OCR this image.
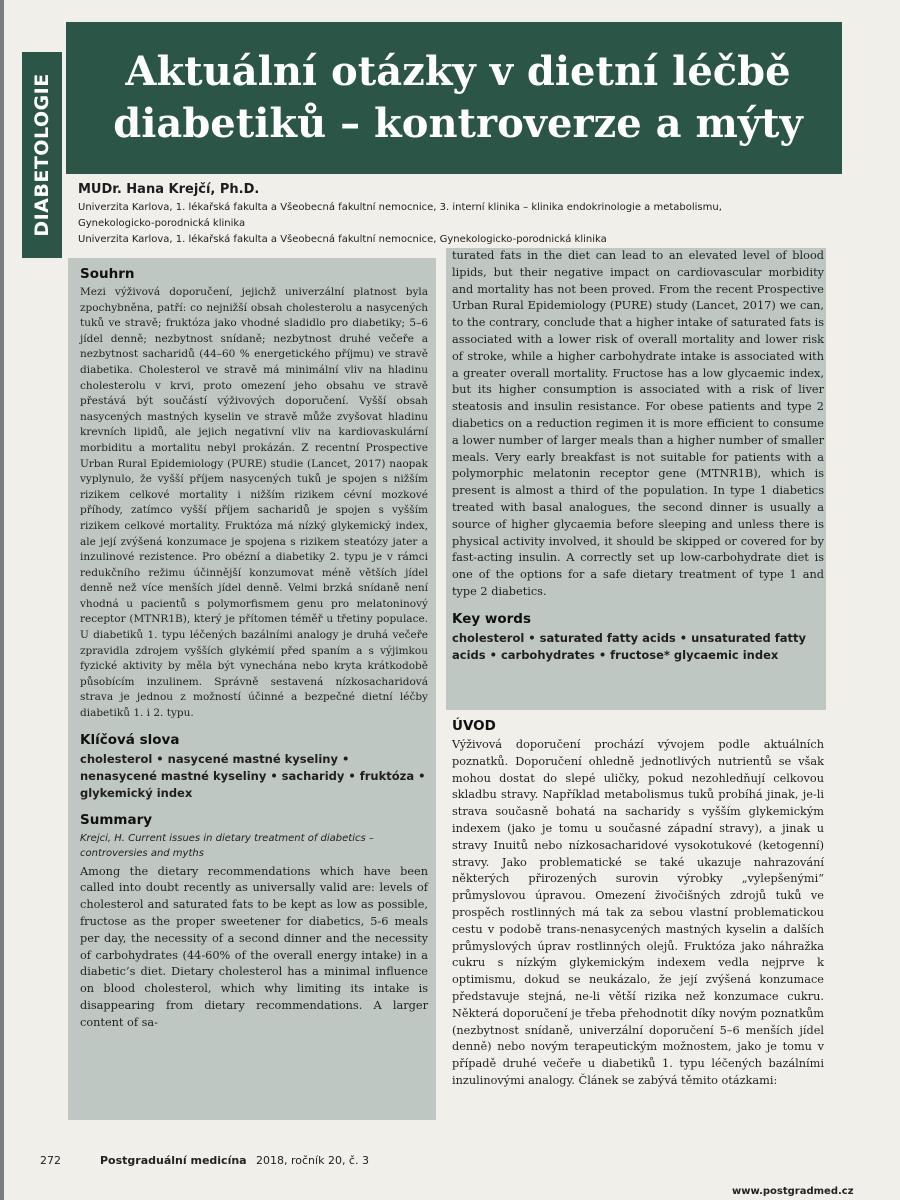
DIABETOLOGIE
Aktuální otázky v dietní léčbě diabetiků – kontroverze a mýty
MUDr. Hana Krejčí, Ph.D.
Univerzita Karlova, 1. lékařská fakulta a Všeobecná fakultní nemocnice, 3. interní klinika – klinika endokrinologie a metabolismu,
Gynekologicko-porodnická klinika
Univerzita Karlova, 1. lékařská fakulta a Všeobecná fakultní nemocnice, Gynekologicko-porodnická klinika
Souhrn

Mezi výživová doporučení, jejichž univerzální platnost byla zpochybněna, patří: co nejnižší obsah cholesterolu a nasycených tuků ve stravě; fruktóza jako vhodné sladidlo pro diabetiky; 5–6 jídel denně; nezbytnost snídaně; nezbytnost druhé večeře a nezbytnost sacharidů (44–60 % energetického příjmu) ve stravě diabetika. Cholesterol ve stravě má minimální vliv na hladinu cholesterolu v krvi, proto omezení jeho obsahu ve stravě přestává být součástí výživových doporučení. Vyšší obsah nasycených mastných kyselin ve stravě může zvyšovat hladinu krevních lipidů, ale jejich negativní vliv na kardiovaskulární morbiditu a mortalitu nebyl prokázán. Z recentní Prospective Urban Rural Epidemiology (PURE) studie (Lancet, 2017) naopak vyplynulo, že vyšší příjem nasycených tuků je spojen s nižším rizikem celkové mortality i nižším rizikem cévní mozkové příhody, zatímco vyšší příjem sacharidů je spojen s vyšším rizikem celkové mortality. Fruktóza má nízký glykemický index, ale její zvýšená konzumace je spojena s rizikem steatózy jater a inzulinové rezistence. Pro obézní a diabetiky 2. typu je v rámci redukčního režimu účinnější konzumovat méně větších jídel denně než více menších jídel denně. Velmi brzká snídaně není vhodná u pacientů s polymorfismem genu pro melatoninový receptor (MTNR1B), který je přítomen téměř u třetiny populace. U diabetiků 1. typu léčených bazálními analogy je druhá večeře zpravidla zdrojem vyšších glykémií před spaním a s výjimkou fyzické aktivity by měla být vynechána nebo kryta krátkodobě působícím inzulinem. Správně sestavená nízkosacharidová strava je jednou z možností účinné a bezpečné dietní léčby diabetiků 1. i 2. typu.

Klíčová slova

cholesterol • nasycené mastné kyseliny • nenasycené mastné kyseliny • sacharidy • fruktóza • glykemický index

Summary

Krejci, H. Current issues in dietary treatment of diabetics – controversies and myths

Among the dietary recommendations which have been called into doubt recently as universally valid are: levels of cholesterol and saturated fats to be kept as low as possible, fructose as the proper sweetener for diabetics, 5-6 meals per day, the necessity of a second dinner and the necessity of carbohydrates (44-60% of the overall energy intake) in a diabetic’s diet. Dietary cholesterol has a minimal influence on blood cholesterol, which why limiting its intake is disappearing from dietary recommendations. A larger content of sa-

turated fats in the diet can lead to an elevated level of blood lipids, but their negative impact on cardiovascular morbidity and mortality has not been proved. From the recent Prospective Urban Rural Epidemiology (PURE) study (Lancet, 2017) we can, to the contrary, conclude that a higher intake of saturated fats is associated with a lower risk of overall mortality and lower risk of stroke, while a higher carbohydrate intake is associated with a greater overall mortality. Fructose has a low glycaemic index, but its higher consumption is associated with a risk of liver steatosis and insulin resistance. For obese patients and type 2 diabetics on a reduction regimen it is more efficient to consume a lower number of larger meals than a higher number of smaller meals. Very early breakfast is not suitable for patients with a polymorphic melatonin receptor gene (MTNR1B), which is present is almost a third of the population. In type 1 diabetics treated with basal analogues, the second dinner is usually a source of higher glycaemia before sleeping and unless there is physical activity involved, it should be skipped or covered for by fast-acting insulin. A correctly set up low-carbohydrate diet is one of the options for a safe dietary treatment of type 1 and type 2 diabetics.

Key words

cholesterol • saturated fatty acids • unsaturated fatty acids • carbohydrates • fructose* glycaemic index

ÚVOD

Výživová doporučení prochází vývojem podle aktuálních poznatků. Doporučení ohledně jednotlivých nutrientů se však mohou dostat do slepé uličky, pokud nezohledňují celkovou skladbu stravy. Například metabolismus tuků probíhá jinak, je-li strava současně bohatá na sacharidy s vyšším glykemickým indexem (jako je tomu u současné západní stravy), a jinak u stravy Inuitů nebo nízkosacharidové vysokotukové (ketogenní) stravy. Jako problematické se také ukazuje nahrazování některých přirozených surovin výrobky „vylepšenými“ průmyslovou úpravou. Omezení živočišných zdrojů tuků ve prospěch rostlinných má tak za sebou vlastní problematickou cestu v podobě trans-nenasycených mastných kyselin a dalších průmyslových úprav rostlinných olejů. Fruktóza jako náhražka cukru s nízkým glykemickým indexem vedla nejprve k optimismu, dokud se neukázalo, že její zvýšená konzumace představuje stejná, ne-li větší rizika než konzumace cukru. Některá doporučení je třeba přehodnotit díky novým poznatkům (nezbytnost snídaně, univerzální doporučení 5–6 menších jídel denně) nebo novým terapeutickým možnostem, jako je tomu v případě druhé večeře u diabetiků 1. typu léčených bazálními inzulinovými analogy. Článek se zabývá těmito otázkami:

272	Postgraduální medicína 2018, ročník 20, č. 3
www.postgradmed.cz
